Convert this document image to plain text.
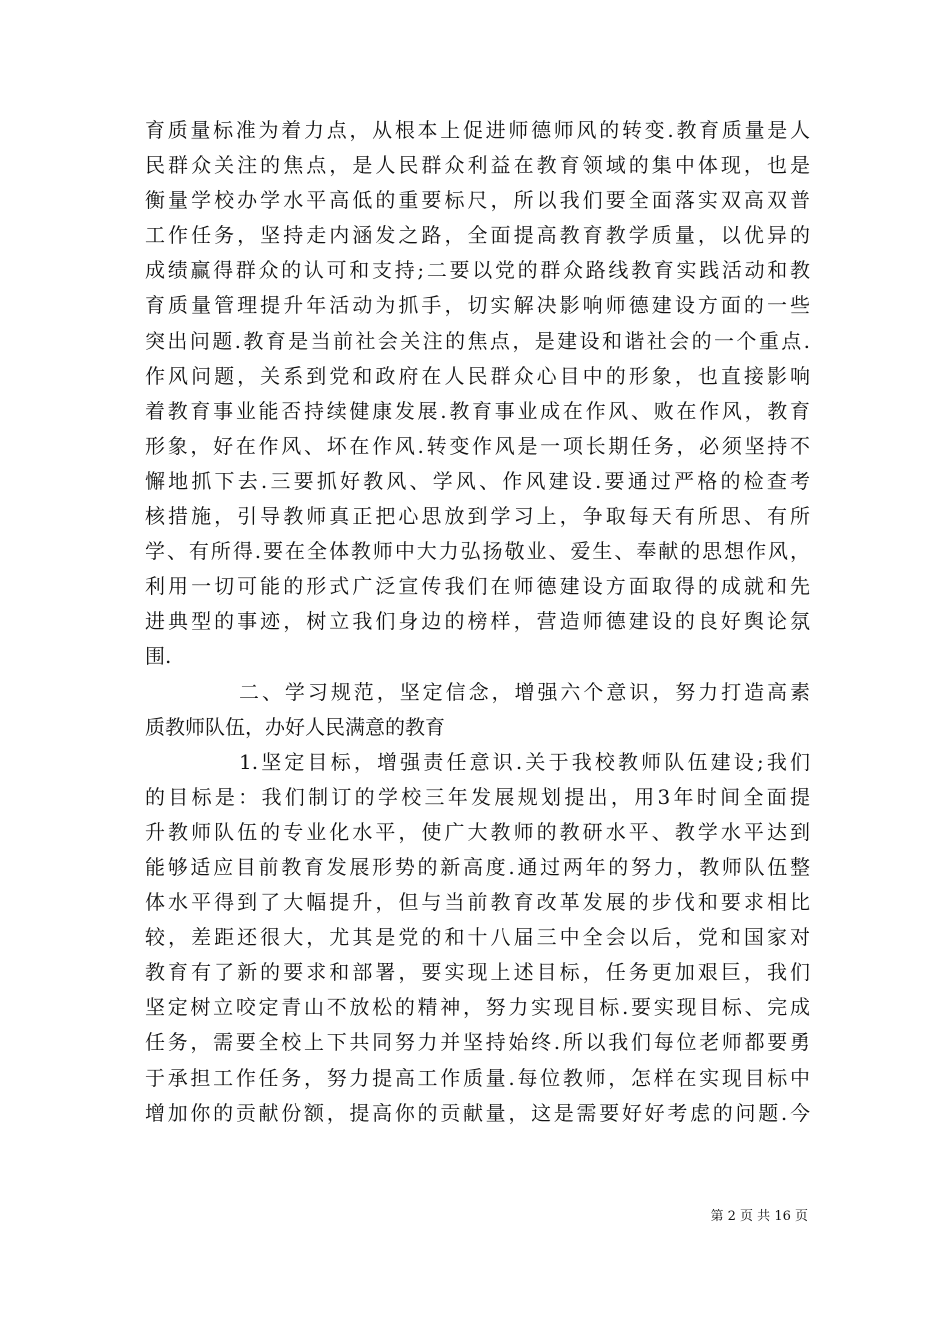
育质量标准为着力点，从根本上促进师德师风的转变.教育质量是人
民群众关注的焦点，是人民群众利益在教育领域的集中体现，也是
衡量学校办学水平高低的重要标尺，所以我们要全面落实双高双普
工作任务，坚持走内涵发之路，全面提高教育教学质量，以优异的
成绩赢得群众的认可和支持;二要以党的群众路线教育实践活动和教
育质量管理提升年活动为抓手，切实解决影响师德建设方面的一些
突出问题.教育是当前社会关注的焦点，是建设和谐社会的一个重点.
作风问题，关系到党和政府在人民群众心目中的形象，也直接影响
着教育事业能否持续健康发展.教育事业成在作风、败在作风，教育
形象，好在作风、坏在作风.转变作风是一项长期任务，必须坚持不
懈地抓下去.三要抓好教风、学风、作风建设.要通过严格的检查考
核措施，引导教师真正把心思放到学习上，争取每天有所思、有所
学、有所得.要在全体教师中大力弘扬敬业、爱生、奉献的思想作风，
利用一切可能的形式广泛宣传我们在师德建设方面取得的成就和先
进典型的事迹，树立我们身边的榜样，营造师德建设的良好舆论氛
围.
二、学习规范，坚定信念，增强六个意识，努力打造高素
质教师队伍，办好人民满意的教育
1.坚定目标，增强责任意识.关于我校教师队伍建设;我们
的目标是：我们制订的学校三年发展规划提出，用3年时间全面提
升教师队伍的专业化水平，使广大教师的教研水平、教学水平达到
能够适应目前教育发展形势的新高度.通过两年的努力，教师队伍整
体水平得到了大幅提升，但与当前教育改革发展的步伐和要求相比
较，差距还很大，尤其是党的和十八届三中全会以后，党和国家对
教育有了新的要求和部署，要实现上述目标，任务更加艰巨，我们
坚定树立咬定青山不放松的精神，努力实现目标.要实现目标、完成
任务，需要全校上下共同努力并坚持始终.所以我们每位老师都要勇
于承担工作任务，努力提高工作质量.每位教师，怎样在实现目标中
增加你的贡献份额，提高你的贡献量，这是需要好好考虑的问题.今
第 2 页 共 16 页
